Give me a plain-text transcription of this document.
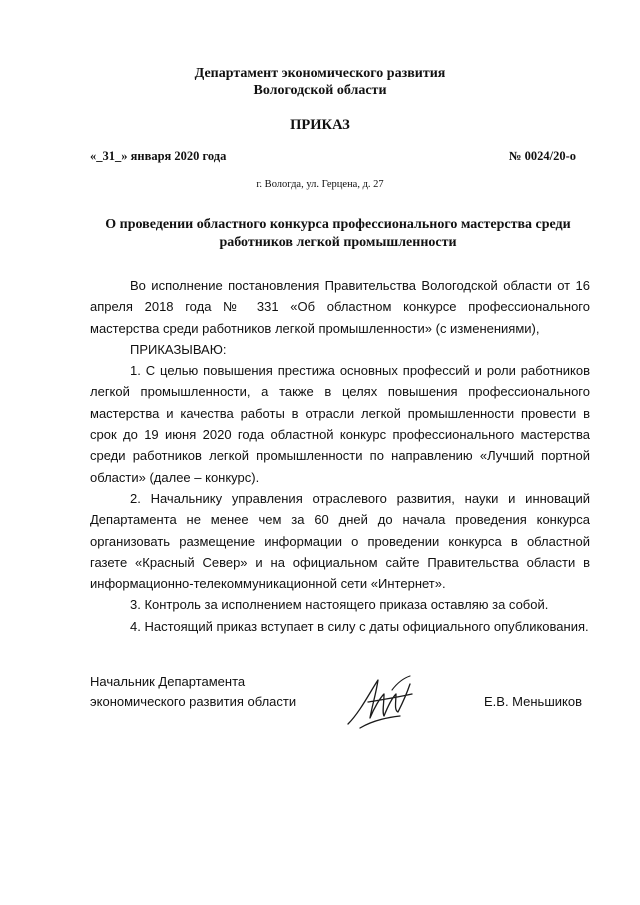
Департамент экономического развития
Вологодской области
ПРИКАЗ
«_31_» января 2020 года	№ 0024/20-о
г. Вологда, ул. Герцена, д. 27
О проведении областного конкурса профессионального мастерства среди
работников легкой промышленности

Во исполнение постановления Правительства Вологодской области от 16 апреля 2018 года № 331 «Об областном конкурсе профессионального мастерства среди работников легкой промышленности» (с изменениями),

ПРИКАЗЫВАЮ:

1. С целью повышения престижа основных профессий и роли работников легкой промышленности, а также в целях повышения профессионального мастерства и качества работы в отрасли легкой промышленности провести в срок до 19 июня 2020 года областной конкурс профессионального мастерства среди работников легкой промышленности по направлению «Лучший портной области» (далее – конкурс).

2. Начальнику управления отраслевого развития, науки и инноваций Департамента не менее чем за 60 дней до начала проведения конкурса организовать размещение информации о проведении конкурса в областной газете «Красный Север» и на официальном сайте Правительства области в информационно-телекоммуникационной сети «Интернет».

3. Контроль за исполнением настоящего приказа оставляю за собой.

4. Настоящий приказ вступает в силу с даты официального опубликования.

Начальник Департамента
экономического развития области	Е.В. Меньшиков
